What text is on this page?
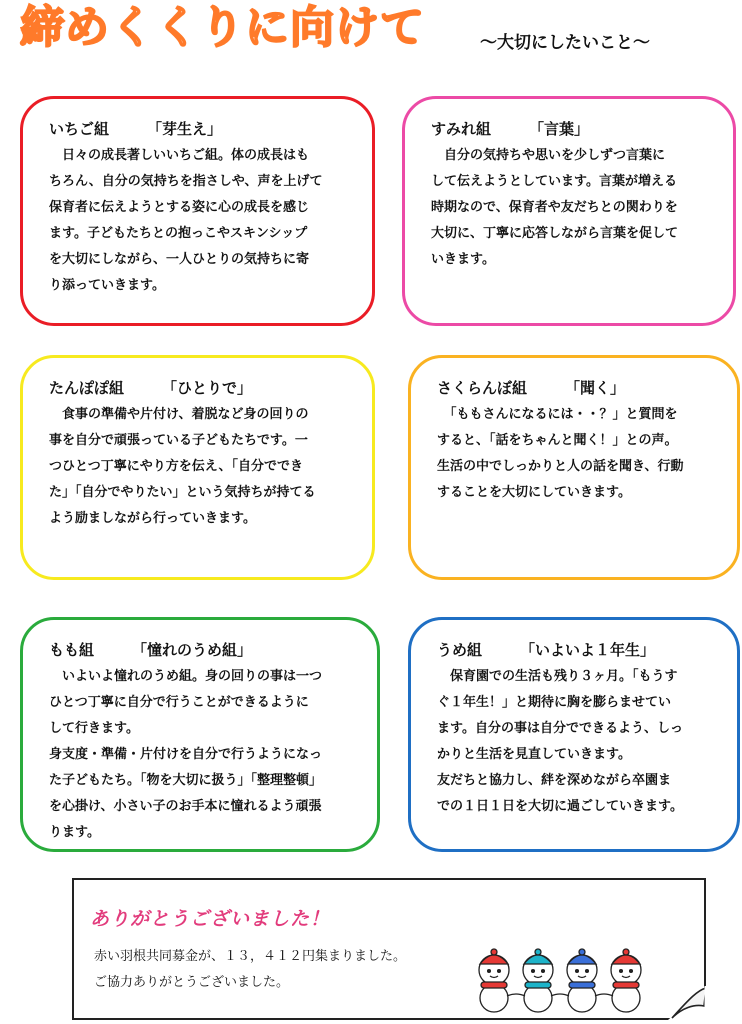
締めくくりに向けて	～大切にしたいこと～
いちご組	「芽生え」

　日々の成長著しいいちご組。体の成長はも

ちろん、自分の気持ちを指さしや、声を上げて

保育者に伝えようとする姿に心の成長を感じ

ます。子どもたちとの抱っこやスキンシップ

を大切にしながら、一人ひとりの気持ちに寄

り添っていきます。

すみれ組	「言葉」

　自分の気持ちや思いを少しずつ言葉に

して伝えようとしています。言葉が増える

時期なので、保育者や友だちとの関わりを

大切に、丁寧に応答しながら言葉を促して

いきます。

たんぽぽ組	「ひとりで」

　食事の準備や片付け、着脱など身の回りの

事を自分で頑張っている子どもたちです。一

つひとつ丁寧にやり方を伝え、「自分ででき

た」「自分でやりたい」という気持ちが持てる

よう励ましながら行っていきます。

さくらんぼ組	「聞く」

　「ももさんになるには・・？」と質問を

すると、「話をちゃんと聞く！」との声。

生活の中でしっかりと人の話を聞き、行動

することを大切にしていきます。

もも組	「憧れのうめ組」

　いよいよ憧れのうめ組。身の回りの事は一つ

ひとつ丁寧に自分で行うことができるように

して行きます。

身支度・準備・片付けを自分で行うようになっ

た子どもたち。「物を大切に扱う」「整理整頓」

を心掛け、小さい子のお手本に憧れるよう頑張

ります。

うめ組	「いよいよ１年生」

　保育園での生活も残り３ヶ月。「もうす

ぐ１年生！」と期待に胸を膨らませてい

ます。自分の事は自分でできるよう、しっ

かりと生活を見直していきます。

友だちと協力し、絆を深めながら卒園ま

での１日１日を大切に過ごしていきます。

ありがとうございました！

赤い羽根共同募金が、１３，４１２円集まりました。

ご協力ありがとうございました。
